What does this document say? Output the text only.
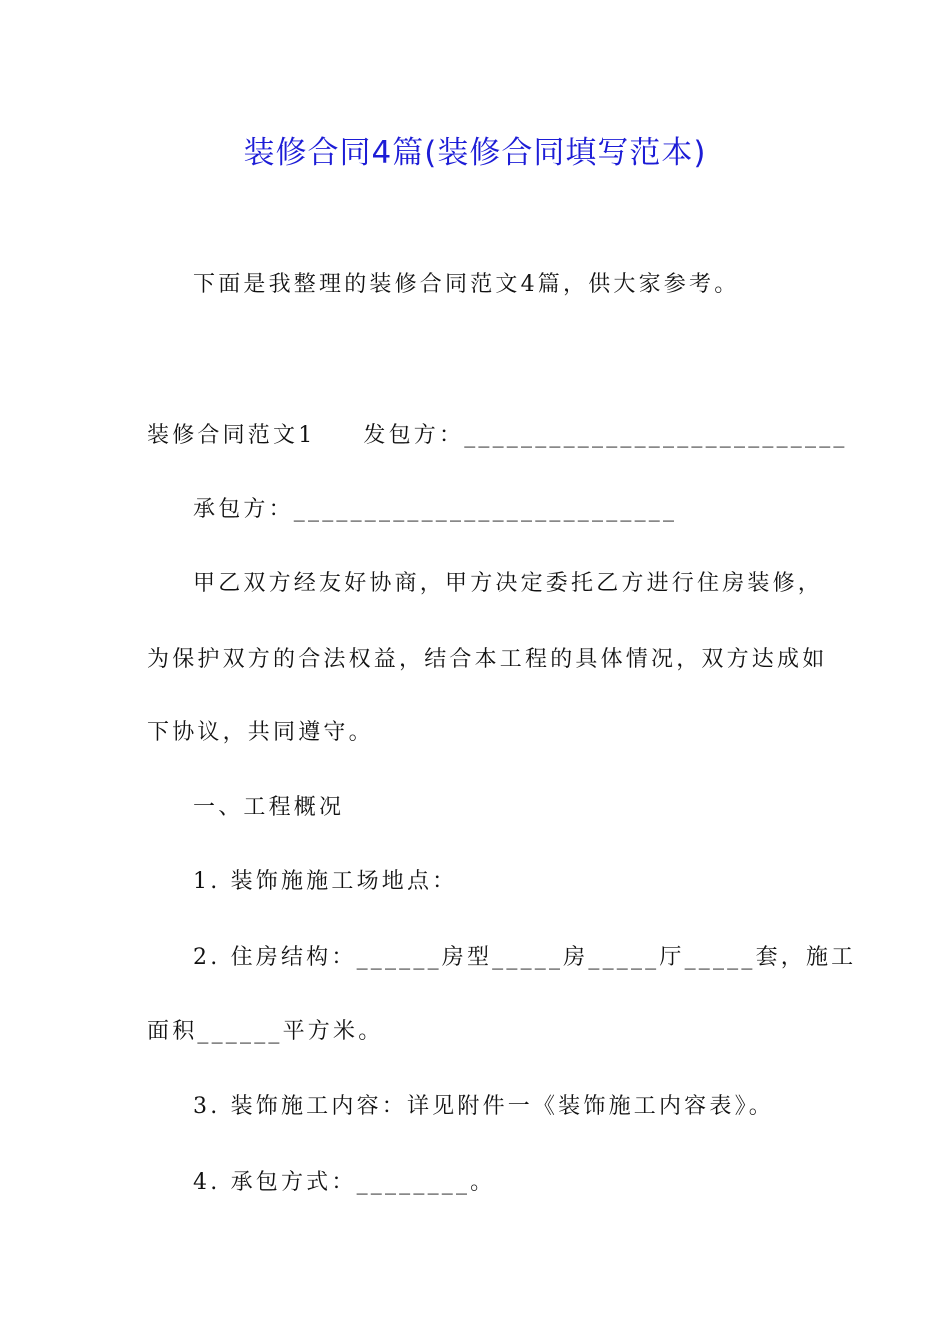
装修合同4篇(装修合同填写范本)
下面是我整理的装修合同范文4篇，供大家参考。
装修合同范文1 发包方：___________________________
承包方：___________________________
甲乙双方经友好协商，甲方决定委托乙方进行住房装修，
为保护双方的合法权益，结合本工程的具体情况，双方达成如
下协议，共同遵守。
一、工程概况
1. 装饰施施工场地点：
2. 住房结构：______房型_____房_____厅_____套，施工
面积______平方米。
3. 装饰施工内容：详见附件一《装饰施工内容表》。
4. 承包方式：________。
